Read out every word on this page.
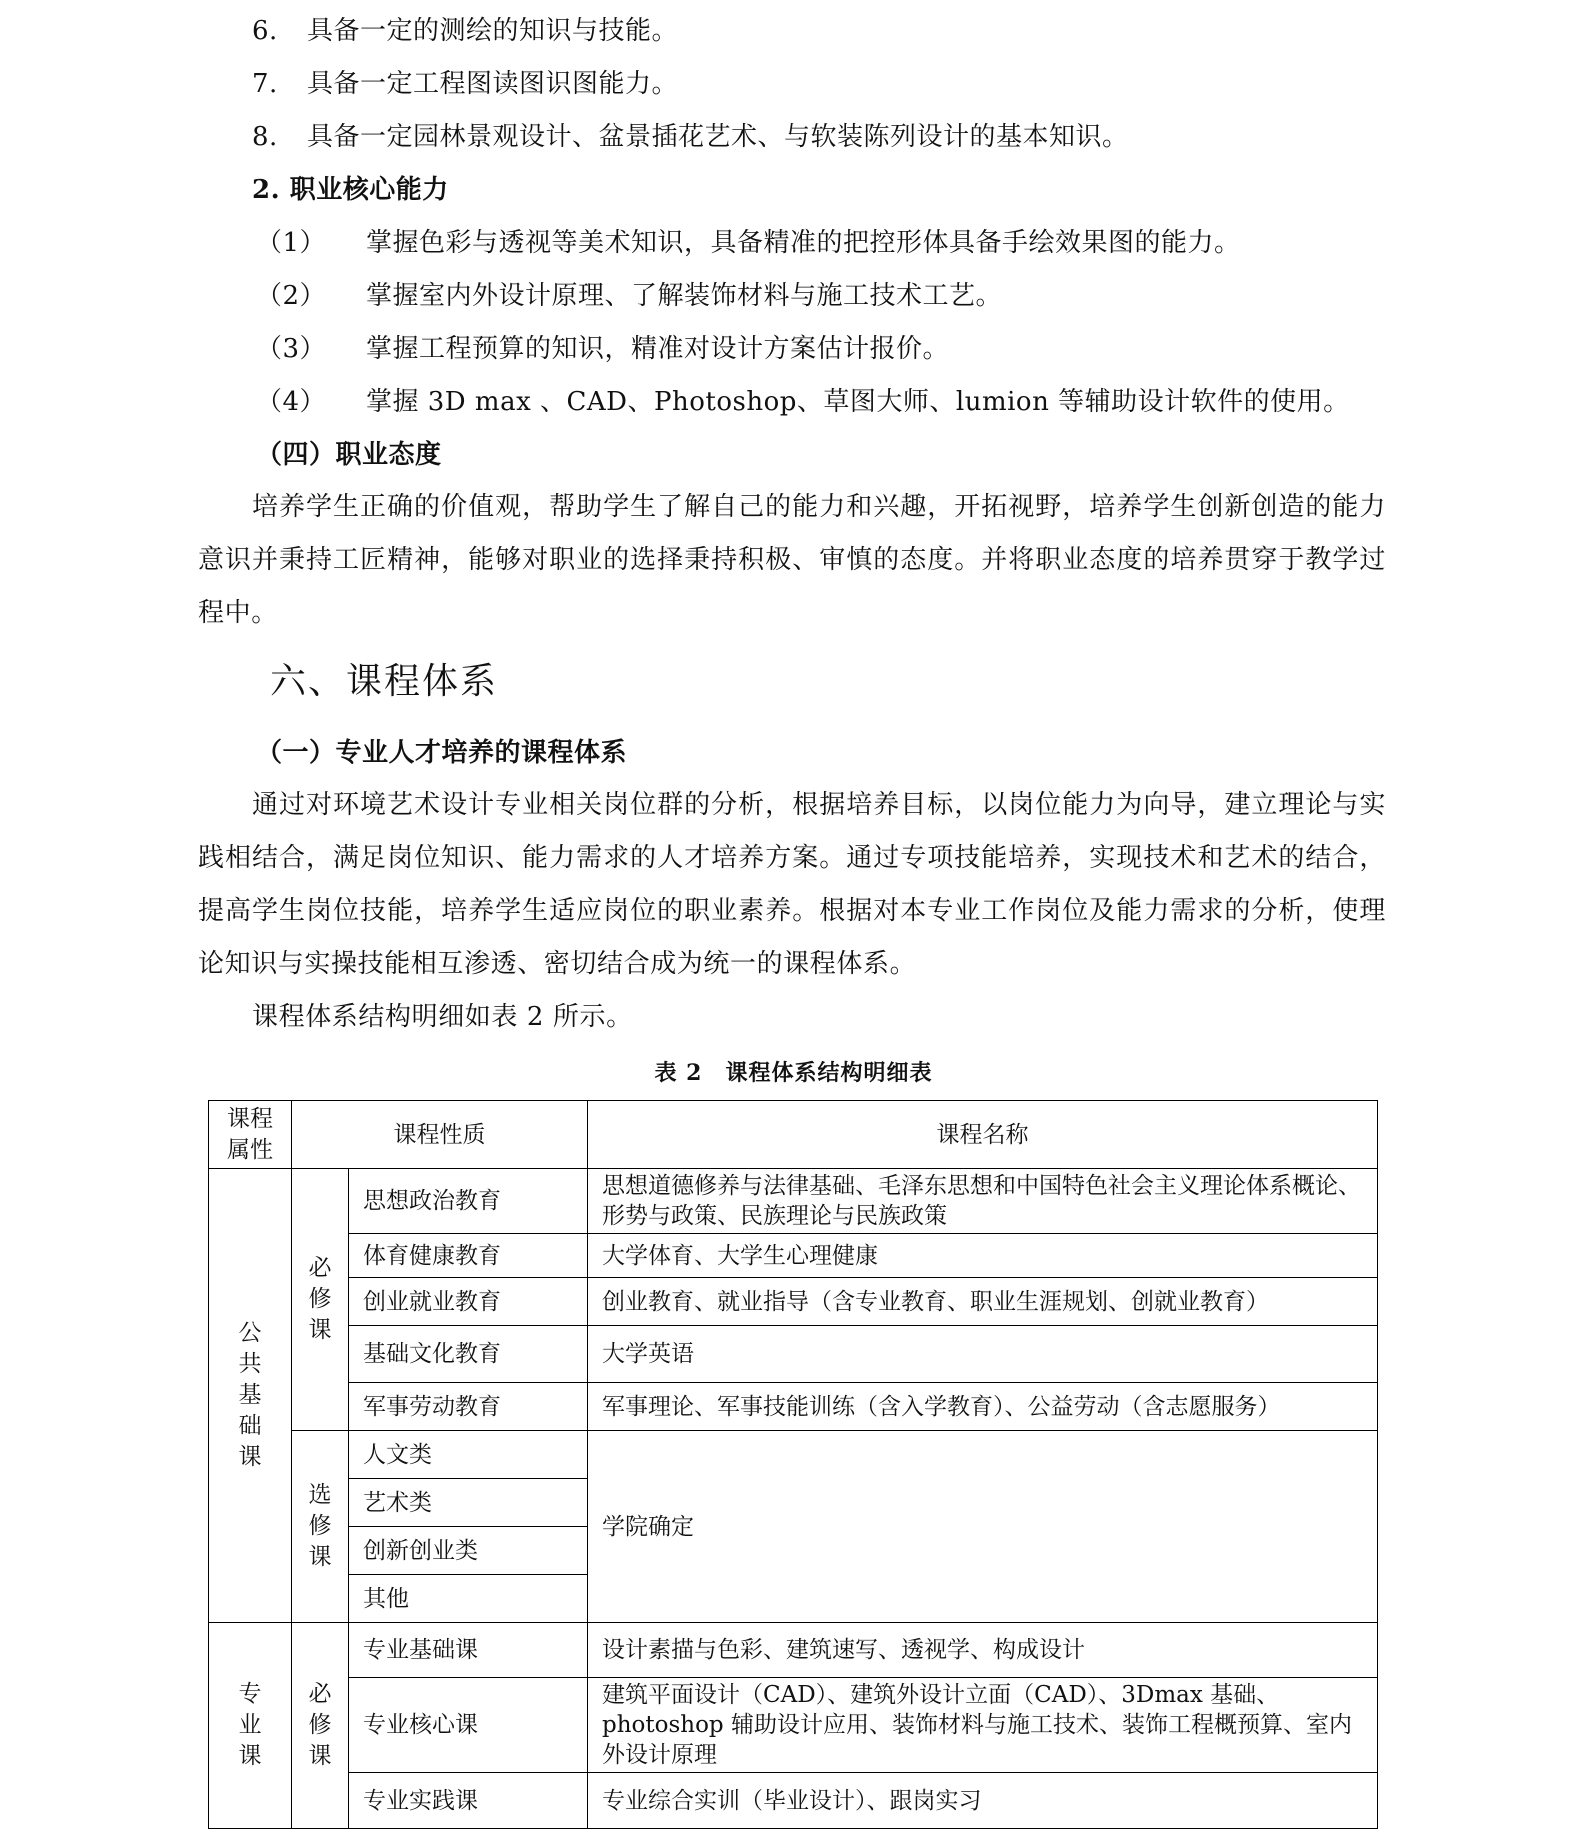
6. 具备一定的测绘的知识与技能。
7. 具备一定工程图读图识图能力。
8. 具备一定园林景观设计、盆景插花艺术、与软装陈列设计的基本知识。
2. 职业核心能力
（1） 掌握色彩与透视等美术知识，具备精准的把控形体具备手绘效果图的能力。
（2） 掌握室内外设计原理、了解装饰材料与施工技术工艺。
（3） 掌握工程预算的知识，精准对设计方案估计报价。
（4） 掌握 3D max 、CAD、Photoshop、草图大师、lumion 等辅助设计软件的使用。
（四）职业态度
培养学生正确的价值观，帮助学生了解自己的能力和兴趣，开拓视野，培养学生创新创造的能力意识并秉持工匠精神，能够对职业的选择秉持积极、审慎的态度。并将职业态度的培养贯穿于教学过程中。
六、课程体系
（一）专业人才培养的课程体系
通过对环境艺术设计专业相关岗位群的分析，根据培养目标，以岗位能力为向导，建立理论与实践相结合，满足岗位知识、能力需求的人才培养方案。通过专项技能培养，实现技术和艺术的结合，提高学生岗位技能，培养学生适应岗位的职业素养。根据对本专业工作岗位及能力需求的分析，使理论知识与实操技能相互渗透、密切结合成为统一的课程体系。
课程体系结构明细如表 2 所示。
表 2　课程体系结构明细表
课程属性	课程性质		课程名称
公共基础课	必修课	思想政治教育	思想道德修养与法律基础、毛泽东思想和中国特色社会主义理论体系概论、形势与政策、民族理论与民族政策
		体育健康教育	大学体育、大学生心理健康
		创业就业教育	创业教育、就业指导（含专业教育、职业生涯规划、创就业教育）
		基础文化教育	大学英语
		军事劳动教育	军事理论、军事技能训练（含入学教育）、公益劳动（含志愿服务）
	选修课	人文类	学院确定
		艺术类	
		创新创业类	
		其他	
专业课	必修课	专业基础课	设计素描与色彩、建筑速写、透视学、构成设计
		专业核心课	建筑平面设计（CAD）、建筑外设计立面（CAD）、3Dmax 基础、photoshop 辅助设计应用、装饰材料与施工技术、装饰工程概预算、室内外设计原理
		专业实践课	专业综合实训（毕业设计）、跟岗实习
